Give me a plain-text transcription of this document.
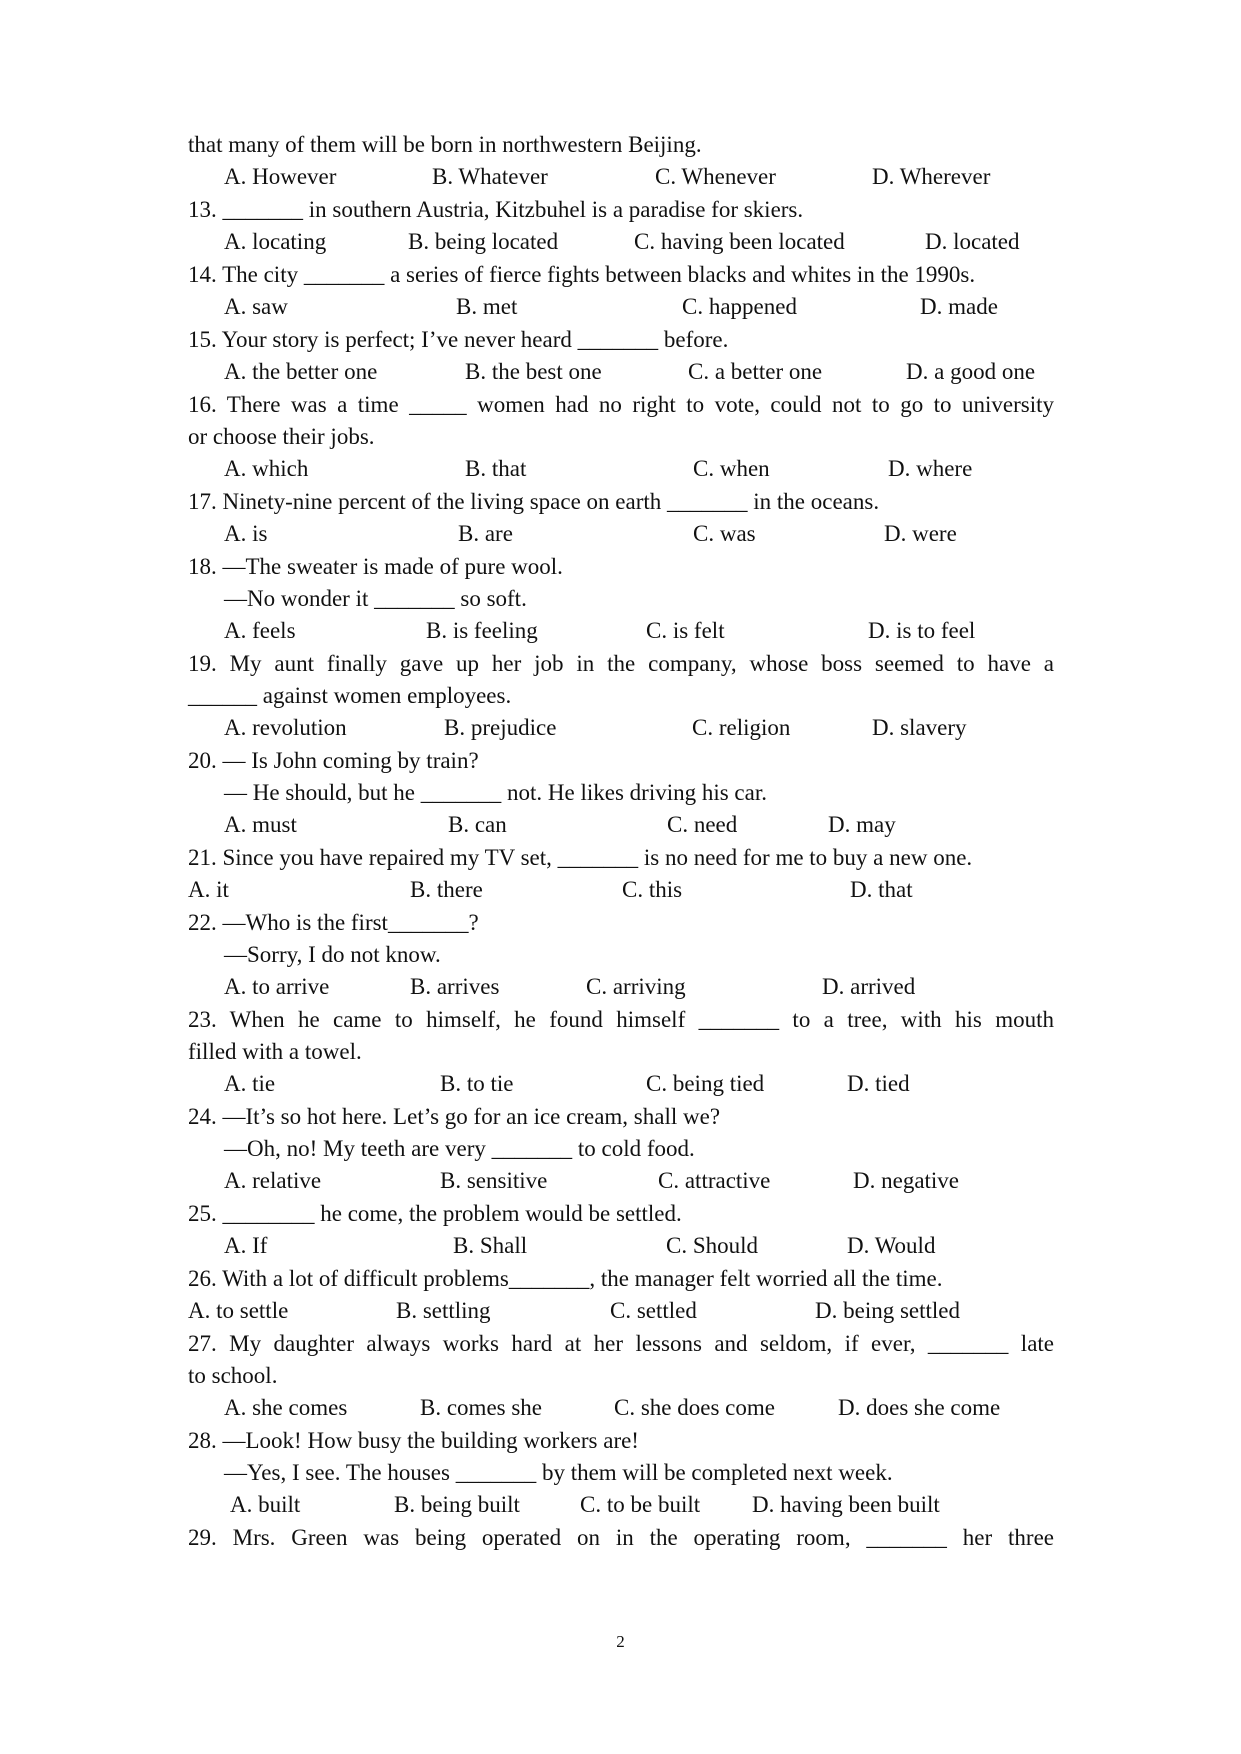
2
that many of them will be born in northwestern Beijing.
13. _______ in southern Austria, Kitzbuhel is a paradise for skiers.
14. The city _______ a series of fierce fights between blacks and whites in the 1990s.
15. Your story is perfect; I’ve never heard _______ before.
16. There was a time _____ women had no right to vote, could not to go to university
or choose their jobs.
17. Ninety-nine percent of the living space on earth _______ in the oceans.
18. —The sweater is made of pure wool.
—No wonder it _______ so soft.
19. My aunt finally gave up her job in the company, whose boss seemed to have a
______ against women employees.
20. — Is John coming by train?
— He should, but he _______ not. He likes driving his car.
21. Since you have repaired my TV set, _______ is no need for me to buy a new one.
22. —Who is the first_______?
—Sorry, I do not know.
23. When he came to himself, he found himself _______ to a tree, with his mouth
filled with a towel.
24. —It’s so hot here. Let’s go for an ice cream, shall we?
—Oh, no! My teeth are very _______ to cold food.
25. ________ he come, the problem would be settled.
26. With a lot of difficult problems_______, the manager felt worried all the time.
27. My daughter always works hard at her lessons and seldom, if ever, _______ late
to school.
28. —Look! How busy the building workers are!
—Yes, I see. The houses _______ by them will be completed next week.
29. Mrs. Green was being operated on in the operating room, _______ her three
A. However	B. Whatever	C. Whenever	D. Wherever
A. locating	B. being located	C. having been located	D. located
A. saw	B. met	C. happened	D. made
A. the better one	B. the best one	C. a better one	D. a good one
A. which	B. that	C. when	D. where
A. is	B. are	C. was	D. were
A. feels	B. is feeling	C. is felt	D. is to feel
A. revolution	B. prejudice	C. religion	D. slavery
A. must	B. can	C. need	D. may
A. it	B. there	C. this	D. that
A. to arrive	B. arrives	C. arriving	D. arrived
A. tie	B. to tie	C. being tied	D. tied
A. relative	B. sensitive	C. attractive	D. negative
A. If	B. Shall	C. Should	D. Would
A. to settle	B. settling	C. settled	D. being settled
A. she comes	B. comes she	C. she does come	D. does she come
A. built	B. being built	C. to be built D. having been built
